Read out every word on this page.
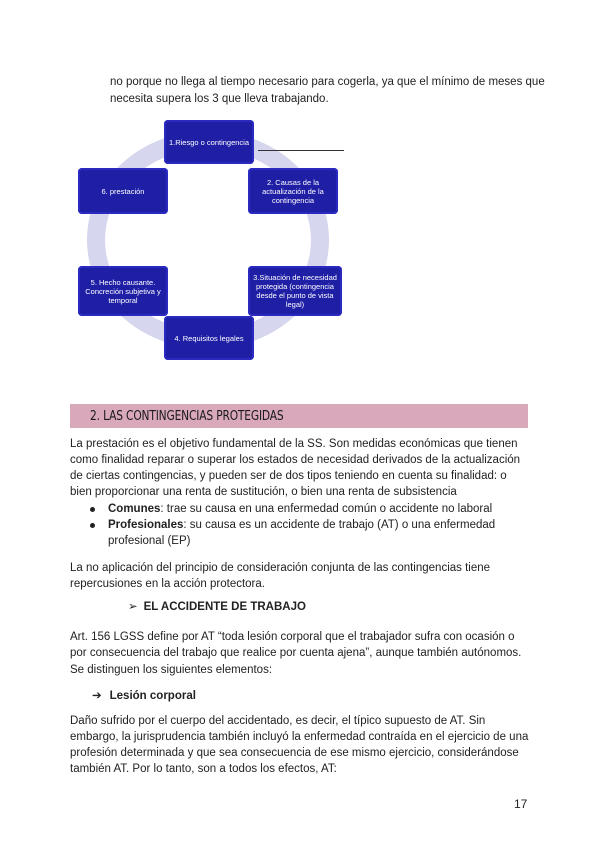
no porque no llega al tiempo necesario para cogerla, ya que el mínimo de meses que necesita supera los 3 que lleva trabajando.

1.Riesgo o contingencia
2. Causas de la actualización de la contingencia
3.Situación de necesidad protegida (contingencia desde el punto de vista legal)
4. Requisitos legales
5. Hecho causante. Concreción subjetiva y temporal
6. prestación
2. LAS CONTINGENCIAS PROTEGIDAS

La prestación es el objetivo fundamental de la SS. Son medidas económicas que tienen como finalidad reparar o superar los estados de necesidad derivados de la actualización de ciertas contingencias, y pueden ser de dos tipos teniendo en cuenta su finalidad: o bien proporcionar una renta de sustitución, o bien una renta de subsistencia

Comunes: trae su causa en una enfermedad común o accidente no laboral
Profesionales: su causa es un accidente de trabajo (AT) o una enfermedad profesional (EP)

La no aplicación del principio de consideración conjunta de las contingencias tiene repercusiones en la acción protectora.

➢ EL ACCIDENTE DE TRABAJO

Art. 156 LGSS define por AT “toda lesión corporal que el trabajador sufra con ocasión o por consecuencia del trabajo que realice por cuenta ajena”, aunque también autónomos.

Se distinguen los siguientes elementos:

➔ Lesión corporal

Daño sufrido por el cuerpo del accidentado, es decir, el típico supuesto de AT. Sin embargo, la jurisprudencia también incluyó la enfermedad contraída en el ejercicio de una profesión determinada y que sea consecuencia de ese mismo ejercicio, considerándose también AT. Por lo tanto, son a todos los efectos, AT:

17
